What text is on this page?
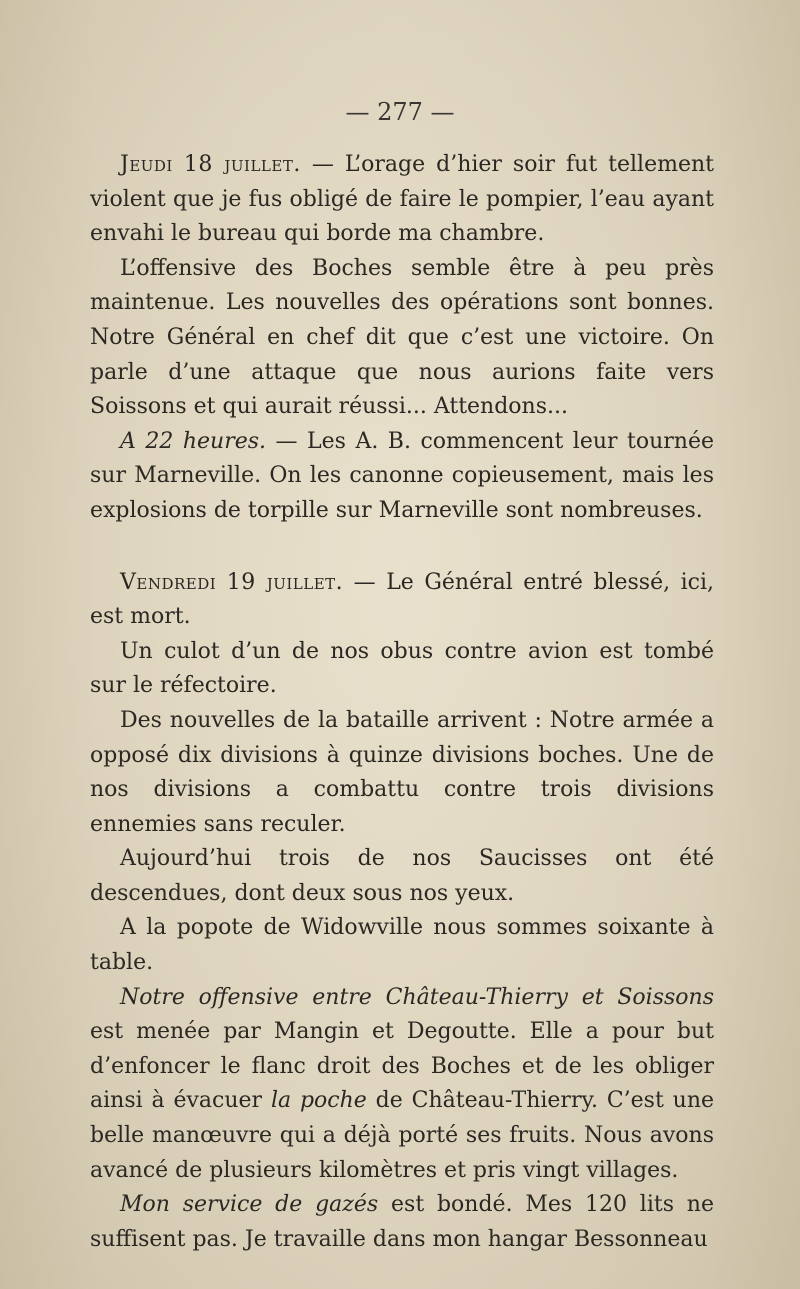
— 277 —

Jeudi 18 juillet. — L’orage d’hier soir fut tellement violent que je fus obligé de faire le pompier, l’eau ayant envahi le bureau qui borde ma chambre.

L’offensive des Boches semble être à peu près maintenue. Les nouvelles des opérations sont bonnes. Notre Général en chef dit que c’est une victoire. On parle d’une attaque que nous aurions faite vers Soissons et qui aurait réussi... Attendons...

A 22 heures. — Les A. B. commencent leur tournée sur Marneville. On les canonne copieusement, mais les explosions de torpille sur Marneville sont nombreuses.

Vendredi 19 juillet. — Le Général entré blessé, ici, est mort.

Un culot d’un de nos obus contre avion est tombé sur le réfectoire.

Des nouvelles de la bataille arrivent : Notre armée a opposé dix divisions à quinze divisions boches. Une de nos divisions a combattu contre trois divisions ennemies sans reculer.

Aujourd’hui trois de nos Saucisses ont été descendues, dont deux sous nos yeux.

A la popote de Widowville nous sommes soixante à table.

Notre offensive entre Château-Thierry et Soissons est menée par Mangin et Degoutte. Elle a pour but d’enfoncer le flanc droit des Boches et de les obliger ainsi à évacuer la poche de Château-Thierry. C’est une belle manœuvre qui a déjà porté ses fruits. Nous avons avancé de plusieurs kilomètres et pris vingt villages.

Mon service de gazés est bondé. Mes 120 lits ne suffisent pas. Je travaille dans mon hangar Bessonneau
